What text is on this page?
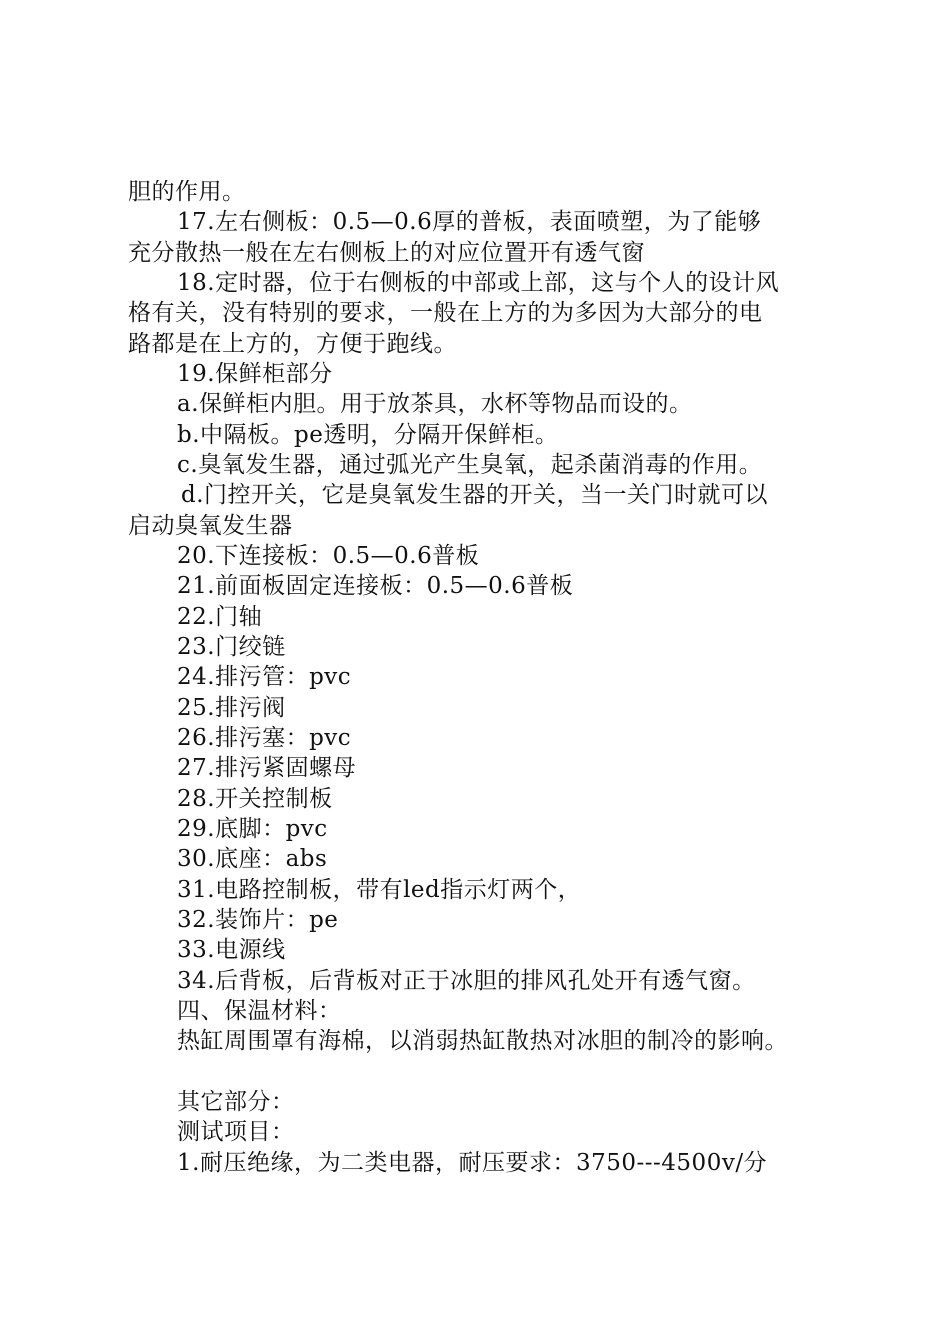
胆的作用。
17.左右侧板：0.5—0.6厚的普板，表面喷塑，为了能够
充分散热一般在左右侧板上的对应位置开有透气窗
18.定时器，位于右侧板的中部或上部，这与个人的设计风
格有关，没有特别的要求，一般在上方的为多因为大部分的电
路都是在上方的，方便于跑线。
19.保鲜柜部分
a.保鲜柜内胆。用于放茶具，水杯等物品而设的。
b.中隔板。pe透明，分隔开保鲜柜。
c.臭氧发生器，通过弧光产生臭氧，起杀菌消毒的作用。
d.门控开关，它是臭氧发生器的开关，当一关门时就可以
启动臭氧发生器
20.下连接板：0.5—0.6普板
21.前面板固定连接板：0.5—0.6普板
22.门轴
23.门绞链
24.排污管：pvc
25.排污阀
26.排污塞：pvc
27.排污紧固螺母
28.开关控制板
29.底脚：pvc
30.底座：abs
31.电路控制板，带有led指示灯两个，
32.装饰片：pe
33.电源线
34.后背板，后背板对正于冰胆的排风孔处开有透气窗。
四、保温材料：
热缸周围罩有海棉，以消弱热缸散热对冰胆的制冷的影响。
其它部分：
测试项目：
1.耐压绝缘，为二类电器，耐压要求：3750---4500v/分
